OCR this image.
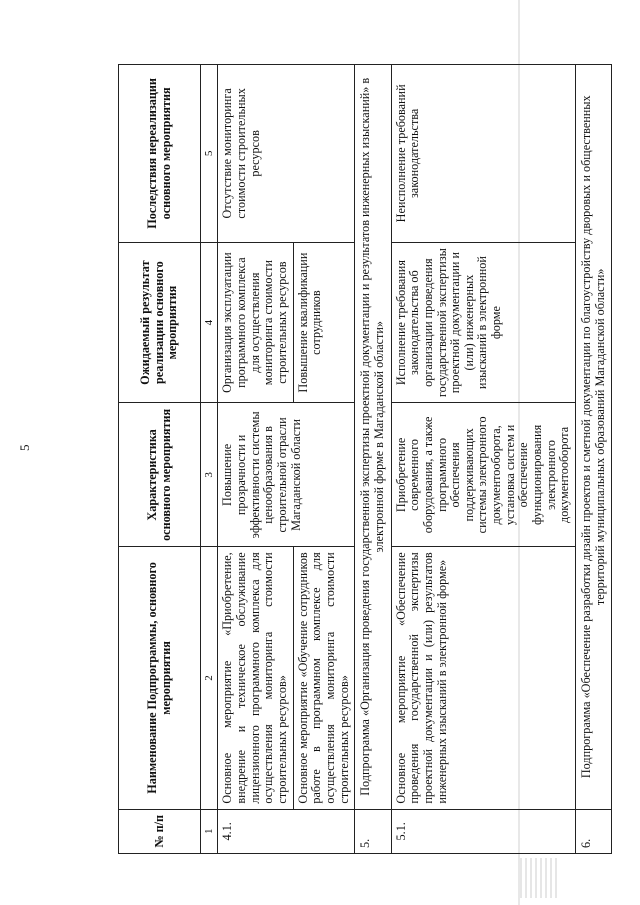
5
№ п/п	Наименование Подпрограммы, основного мероприятия	Характеристика основного мероприятия	Ожидаемый результат реализации основного мероприятия	Последствия нереализации основного мероприятия
1	2	3	4	5
4.1.	Основное мероприятие «Приобретение, внедрение и техническое обслуживание лицензионного программного комплекса для осуществления мониторинга стоимости строительных ресурсов»	Повышение прозрачности и эффективности системы ценообразования в строительной отрасли Магаданской области	Организация эксплуатации программного комплекса для осуществления мониторинга стоимости строительных ресурсов	Отсутствие мониторинга стоимости строительных ресурсов
	Основное мероприятие «Обучение сотрудников работе в программном комплексе для осуществления мониторинга стоимости строительных ресурсов»		Повышение квалификации сотрудников	
5.	Подпрограмма «Организация проведения государственной экспертизы проектной документации и результатов инженерных изысканий» в электронной форме в Магаданской области»			
5.1.	Основное мероприятие «Обеспечение проведения государственной экспертизы проектной документации и (или) результатов инженерных изысканий в электронной форме»	Приобретение современного оборудования, а также программного обеспечения поддерживающих системы электронного документооборота, установка систем и обеспечение функционирования электронного документооборота	Исполнение требования законодательства об организации проведения государственной экспертизы проектной документации и (или) инженерных изысканий в электронной форме	Неисполнение требований законодательства
6.	Подпрограмма «Обеспечение разработки дизайн проектов и сметной документации по благоустройству дворовых и общественных территорий муниципальных образований Магаданской области»			
